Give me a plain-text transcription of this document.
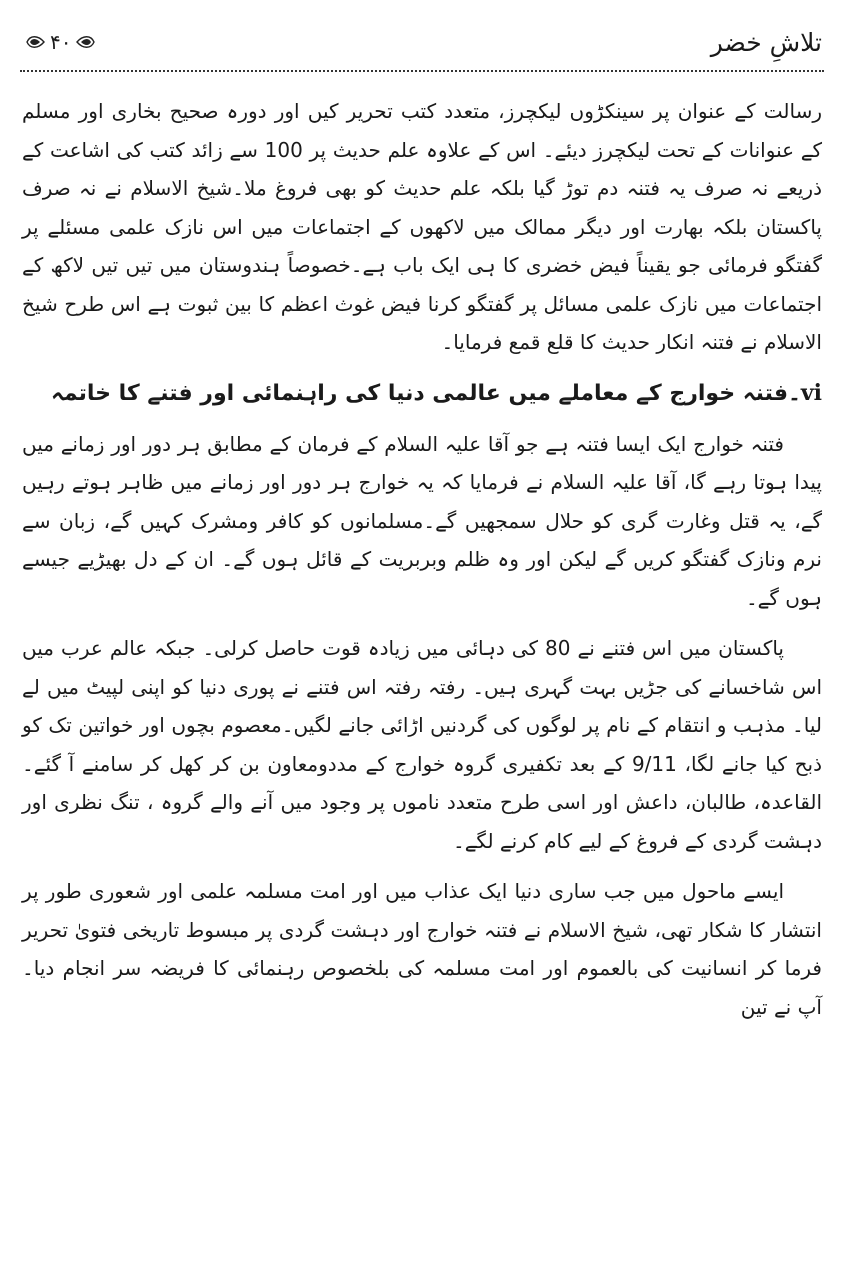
۴۰	تلاشِ خضر

رسالت کے عنوان پر سینکڑوں لیکچرز، متعدد کتب تحریر کیں اور دورہ صحیح بخاری اور مسلم کے عنوانات کے تحت لیکچرز دیئے۔ اس کے علاوہ علم حدیث پر 100 سے زائد کتب کی اشاعت کے ذریعے نہ صرف یہ فتنہ دم توڑ گیا بلکہ علم حدیث کو بھی فروغ ملا۔شیخ الاسلام نے نہ صرف پاکستان بلکہ بھارت اور دیگر ممالک میں لاکھوں کے اجتماعات میں اس نازک علمی مسئلے پر گفتگو فرمائی جو یقیناً فیض خضری کا ہی ایک باب ہے۔خصوصاً ہندوستان میں تیں تیں لاکھ کے اجتماعات میں نازک علمی مسائل پر گفتگو کرنا فیض غوث اعظم کا بین ثبوت ہے اس طرح شیخ الاسلام نے فتنہ انکار حدیث کا قلع قمع فرمایا۔

vi۔فتنہ خوارج کے معاملے میں عالمی دنیا کی راہنمائی اور فتنے کا خاتمہ

فتنہ خوارج ایک ایسا فتنہ ہے جو آقا علیہ السلام کے فرمان کے مطابق ہر دور اور زمانے میں پیدا ہوتا رہے گا، آقا علیہ السلام نے فرمایا کہ یہ خوارج ہر دور اور زمانے میں ظاہر ہوتے رہیں گے، یہ قتل وغارت گری کو حلال سمجھیں گے۔مسلمانوں کو کافر ومشرک کہیں گے، زبان سے نرم ونازک گفتگو کریں گے لیکن اور وہ ظلم وبربریت کے قائل ہوں گے۔ ان کے دل بھیڑیے جیسے ہوں گے۔

پاکستان میں اس فتنے نے 80 کی دہائی میں زیادہ قوت حاصل کرلی۔ جبکہ عالم عرب میں اس شاخسانے کی جڑیں بہت گہری ہیں۔ رفتہ رفتہ اس فتنے نے پوری دنیا کو اپنی لپیٹ میں لے لیا۔ مذہب و انتقام کے نام پر لوگوں کی گردنیں اڑائی جانے لگیں۔معصوم بچوں اور خواتین تک کو ذبح کیا جانے لگا، 9/11 کے بعد تکفیری گروہ خوارج کے مددومعاون بن کر کھل کر سامنے آ گئے۔ القاعدہ، طالبان، داعش اور اسی طرح متعدد ناموں پر وجود میں آنے والے گروہ ، تنگ نظری اور دہشت گردی کے فروغ کے لیے کام کرنے لگے۔

ایسے ماحول میں جب ساری دنیا ایک عذاب میں اور امت مسلمہ علمی اور شعوری طور پر انتشار کا شکار تھی، شیخ الاسلام نے فتنہ خوارج اور دہشت گردی پر مبسوط تاریخی فتویٰ تحریر فرما کر انسانیت کی بالعموم اور امت مسلمہ کی بلخصوص رہنمائی کا فریضہ سر انجام دیا۔ آپ نے تین
